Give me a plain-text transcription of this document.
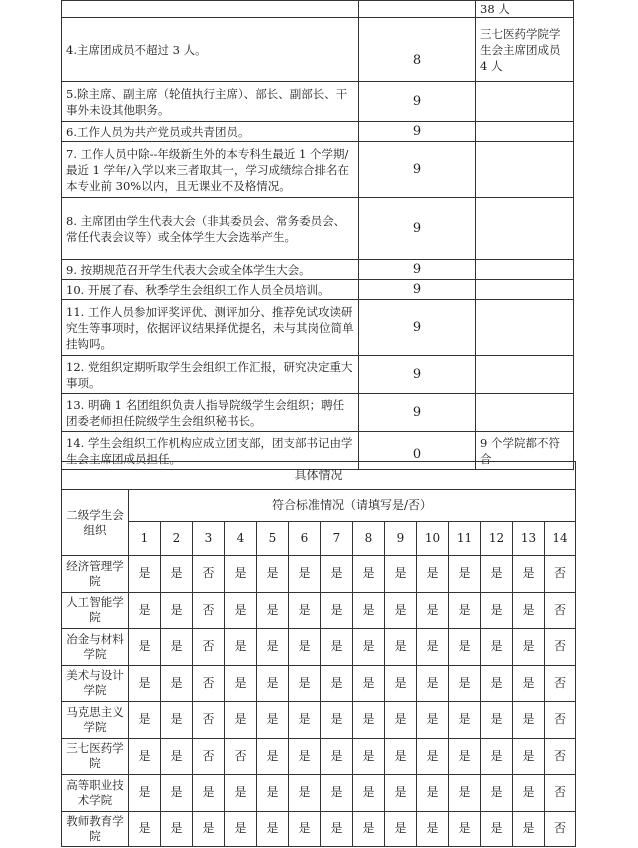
		38 人
4.主席团成员不超过 3 人。	8	三七医药学院学生会主席团成员 4 人
5.除主席、副主席（轮值执行主席）、部长、副部长、干事外未设其他职务。	9	
6.工作人员为共产党员或共青团员。	9	
7. 工作人员中除--年级新生外的本专科生最近 1 个学期/最近 1 学年/入学以来三者取其一，学习成绩综合排名在本专业前 30%以内，且无课业不及格情况。	9	
8. 主席团由学生代表大会（非其委员会、常务委员会、常任代表会议等）或全体学生大会选举产生。	9	
9. 按期规范召开学生代表大会或全体学生大会。	9	
10. 开展了春、秋季学生会组织工作人员全员培训。	9	
11. 工作人员参加评奖评优、测评加分、推荐免试攻读研究生等事项时，依据评议结果择优提名，未与其岗位简单挂钩吗。	9	
12. 党组织定期听取学生会组织工作汇报，研究决定重大事项。	9	
13. 明确 1 名团组织负责人指导院级学生会组织；聘任团委老师担任院级学生会组织秘书长。	9	
14. 学生会组织工作机构应成立团支部，团支部书记由学生会主席团成员担任。	0	9 个学院都不符合
具体情况														
二级学生会组织	符合标准情况（请填写是/否）													
	1	2	3	4	5	6	7	8	9	10	11	12	13	14
经济管理学院	是	是	否	是	是	是	是	是	是	是	是	是	是	否
人工智能学院	是	是	否	是	是	是	是	是	是	是	是	是	是	否
冶金与材料学院	是	是	否	是	是	是	是	是	是	是	是	是	是	否
美术与设计学院	是	是	否	是	是	是	是	是	是	是	是	是	是	否
马克思主义学院	是	是	否	是	是	是	是	是	是	是	是	是	是	否
三七医药学院	是	是	否	否	是	是	是	是	是	是	是	是	是	否
高等职业技术学院	是	是	是	是	是	是	是	是	是	是	是	是	是	否
教师教育学院	是	是	是	是	是	是	是	是	是	是	是	是	是	否
